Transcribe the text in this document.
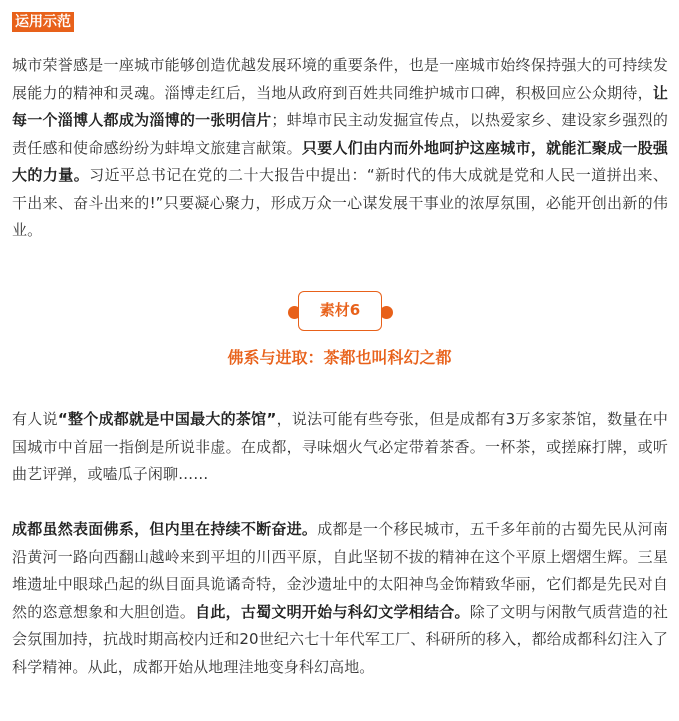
运用示范

城市荣誉感是一座城市能够创造优越发展环境的重要条件，也是一座城市始终保持强大的可持续发展能力的精神和灵魂。淄博走红后，当地从政府到百姓共同维护城市口碑，积极回应公众期待，让每一个淄博人都成为淄博的一张明信片；蚌埠市民主动发掘宣传点，以热爱家乡、建设家乡强烈的责任感和使命感纷纷为蚌埠文旅建言献策。只要人们由内而外地呵护这座城市，就能汇聚成一股强大的力量。习近平总书记在党的二十大报告中提出：“新时代的伟大成就是党和人民一道拼出来、干出来、奋斗出来的!”只要凝心聚力，形成万众一心谋发展干事业的浓厚氛围，必能开创出新的伟业。

素材6
佛系与进取：茶都也叫科幻之都

有人说“整个成都就是中国最大的茶馆”，说法可能有些夸张，但是成都有3万多家茶馆，数量在中国城市中首屈一指倒是所说非虚。在成都，寻味烟火气必定带着茶香。一杯茶，或搓麻打牌，或听曲艺评弹，或嗑瓜子闲聊……

成都虽然表面佛系，但内里在持续不断奋进。成都是一个移民城市，五千多年前的古蜀先民从河南沿黄河一路向西翻山越岭来到平坦的川西平原，自此坚韧不拔的精神在这个平原上熠熠生辉。三星堆遗址中眼球凸起的纵目面具诡谲奇特，金沙遗址中的太阳神鸟金饰精致华丽，它们都是先民对自然的恣意想象和大胆创造。自此，古蜀文明开始与科幻文学相结合。除了文明与闲散气质营造的社会氛围加持，抗战时期高校内迁和20世纪六七十年代军工厂、科研所的移入，都给成都科幻注入了科学精神。从此，成都开始从地理洼地变身科幻高地。
